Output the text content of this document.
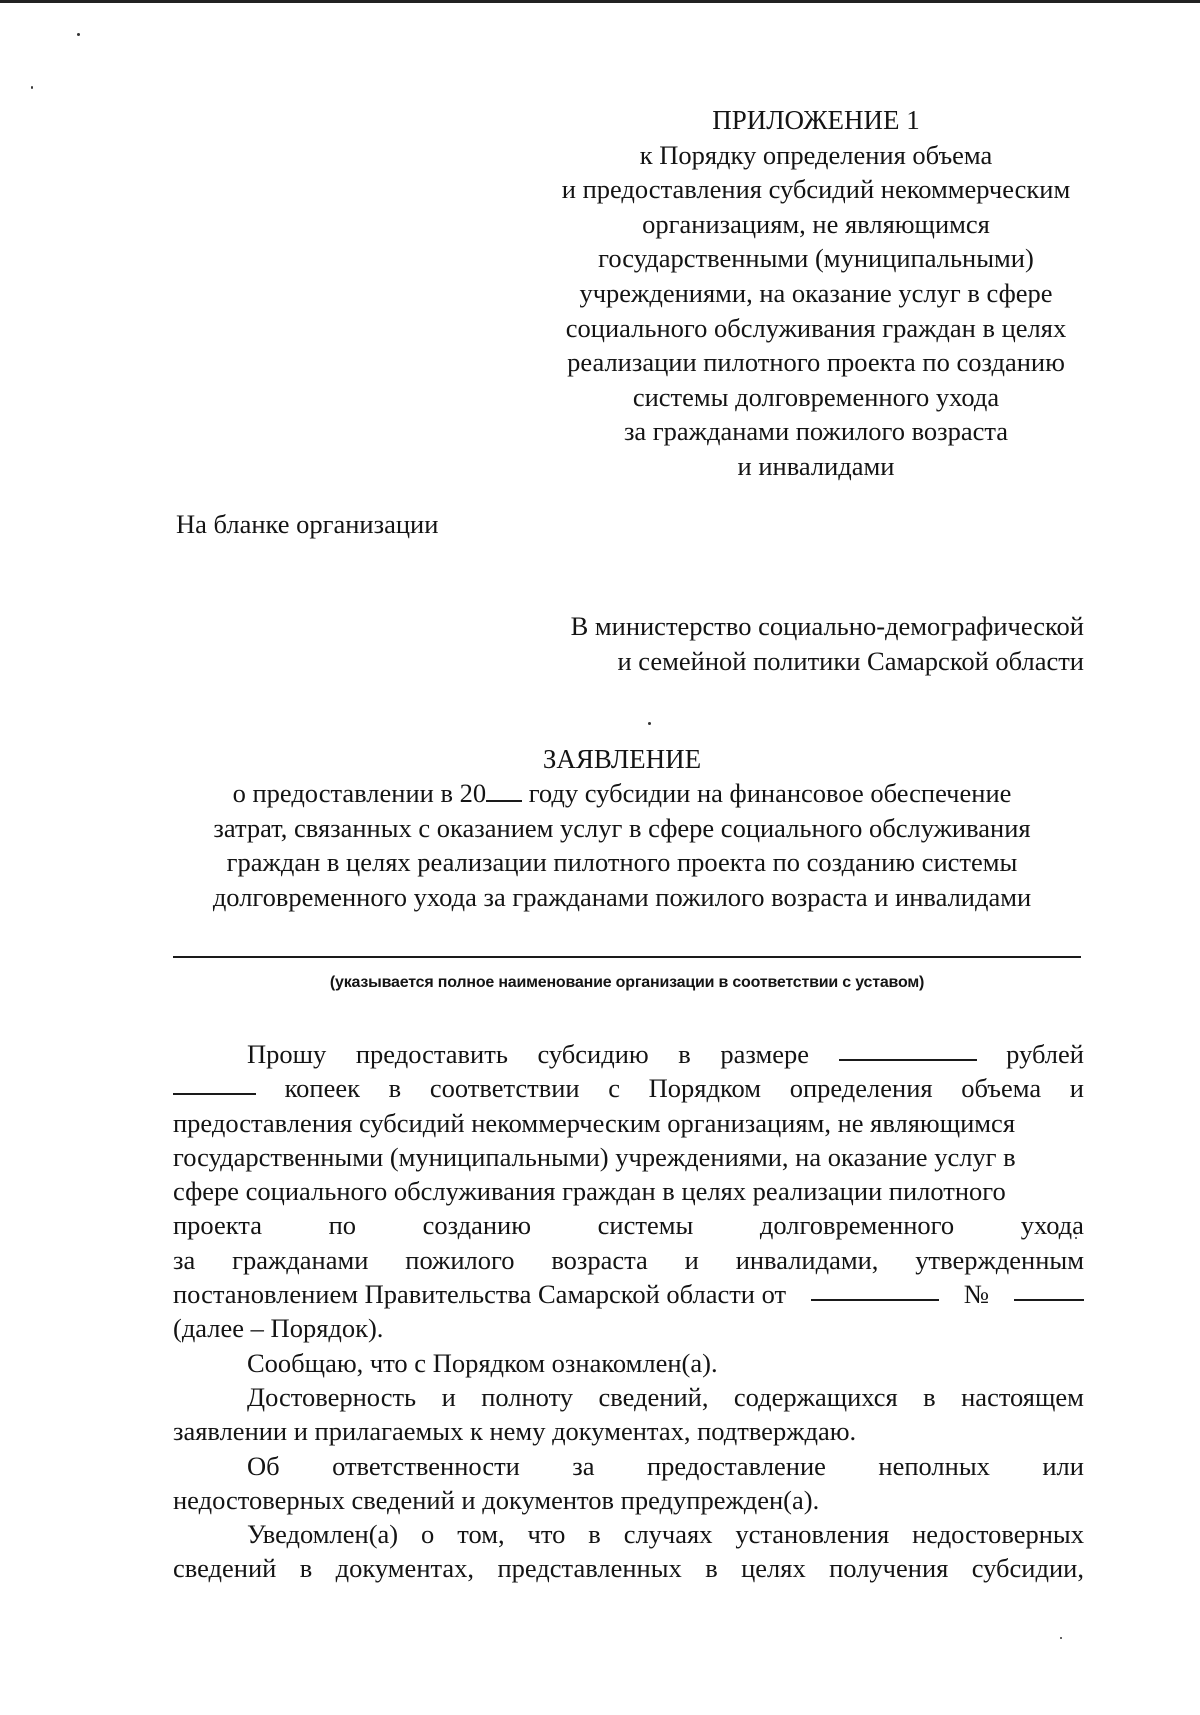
ПРИЛОЖЕНИЕ 1
к Порядку определения объема
и предоставления субсидий некоммерческим
организациям, не являющимся
государственными (муниципальными)
учреждениями, на оказание услуг в сфере
социального обслуживания граждан в целях
реализации пилотного проекта по созданию
системы долговременного ухода
за гражданами пожилого возраста
и инвалидами
На бланке организации
В министерство социально-демографической
и семейной политики Самарской области
ЗАЯВЛЕНИЕ
о предоставлении в 20 году субсидии на финансовое обеспечение
затрат, связанных с оказанием услуг в сфере социального обслуживания
граждан в целях реализации пилотного проекта по созданию системы
долговременного ухода за гражданами пожилого возраста и инвалидами
(указывается полное наименование организации в соответствии с уставом)
Прошу предоставить субсидию в размере	рублей
копеек в соответствии с Порядком определения объема и
предоставления субсидий некоммерческим организациям, не являющимся
государственными (муниципальными) учреждениями, на оказание услуг в
сфере социального обслуживания граждан в целях реализации пилотного
проекта	по	созданию	системы	долговременного	ухода
за гражданами пожилого возраста и инвалидами, утвержденным
постановлением Правительства Самарской области от	№
(далее – Порядок).
Сообщаю, что с Порядком ознакомлен(а).
Достоверность и полноту сведений, содержащихся в настоящем
заявлении и прилагаемых к нему документах, подтверждаю.
Об ответственности за предоставление неполных или
недостоверных сведений и документов предупрежден(а).
Уведомлен(а) о том, что в случаях установления недостоверных
сведений в документах, представленных в целях получения субсидии,
